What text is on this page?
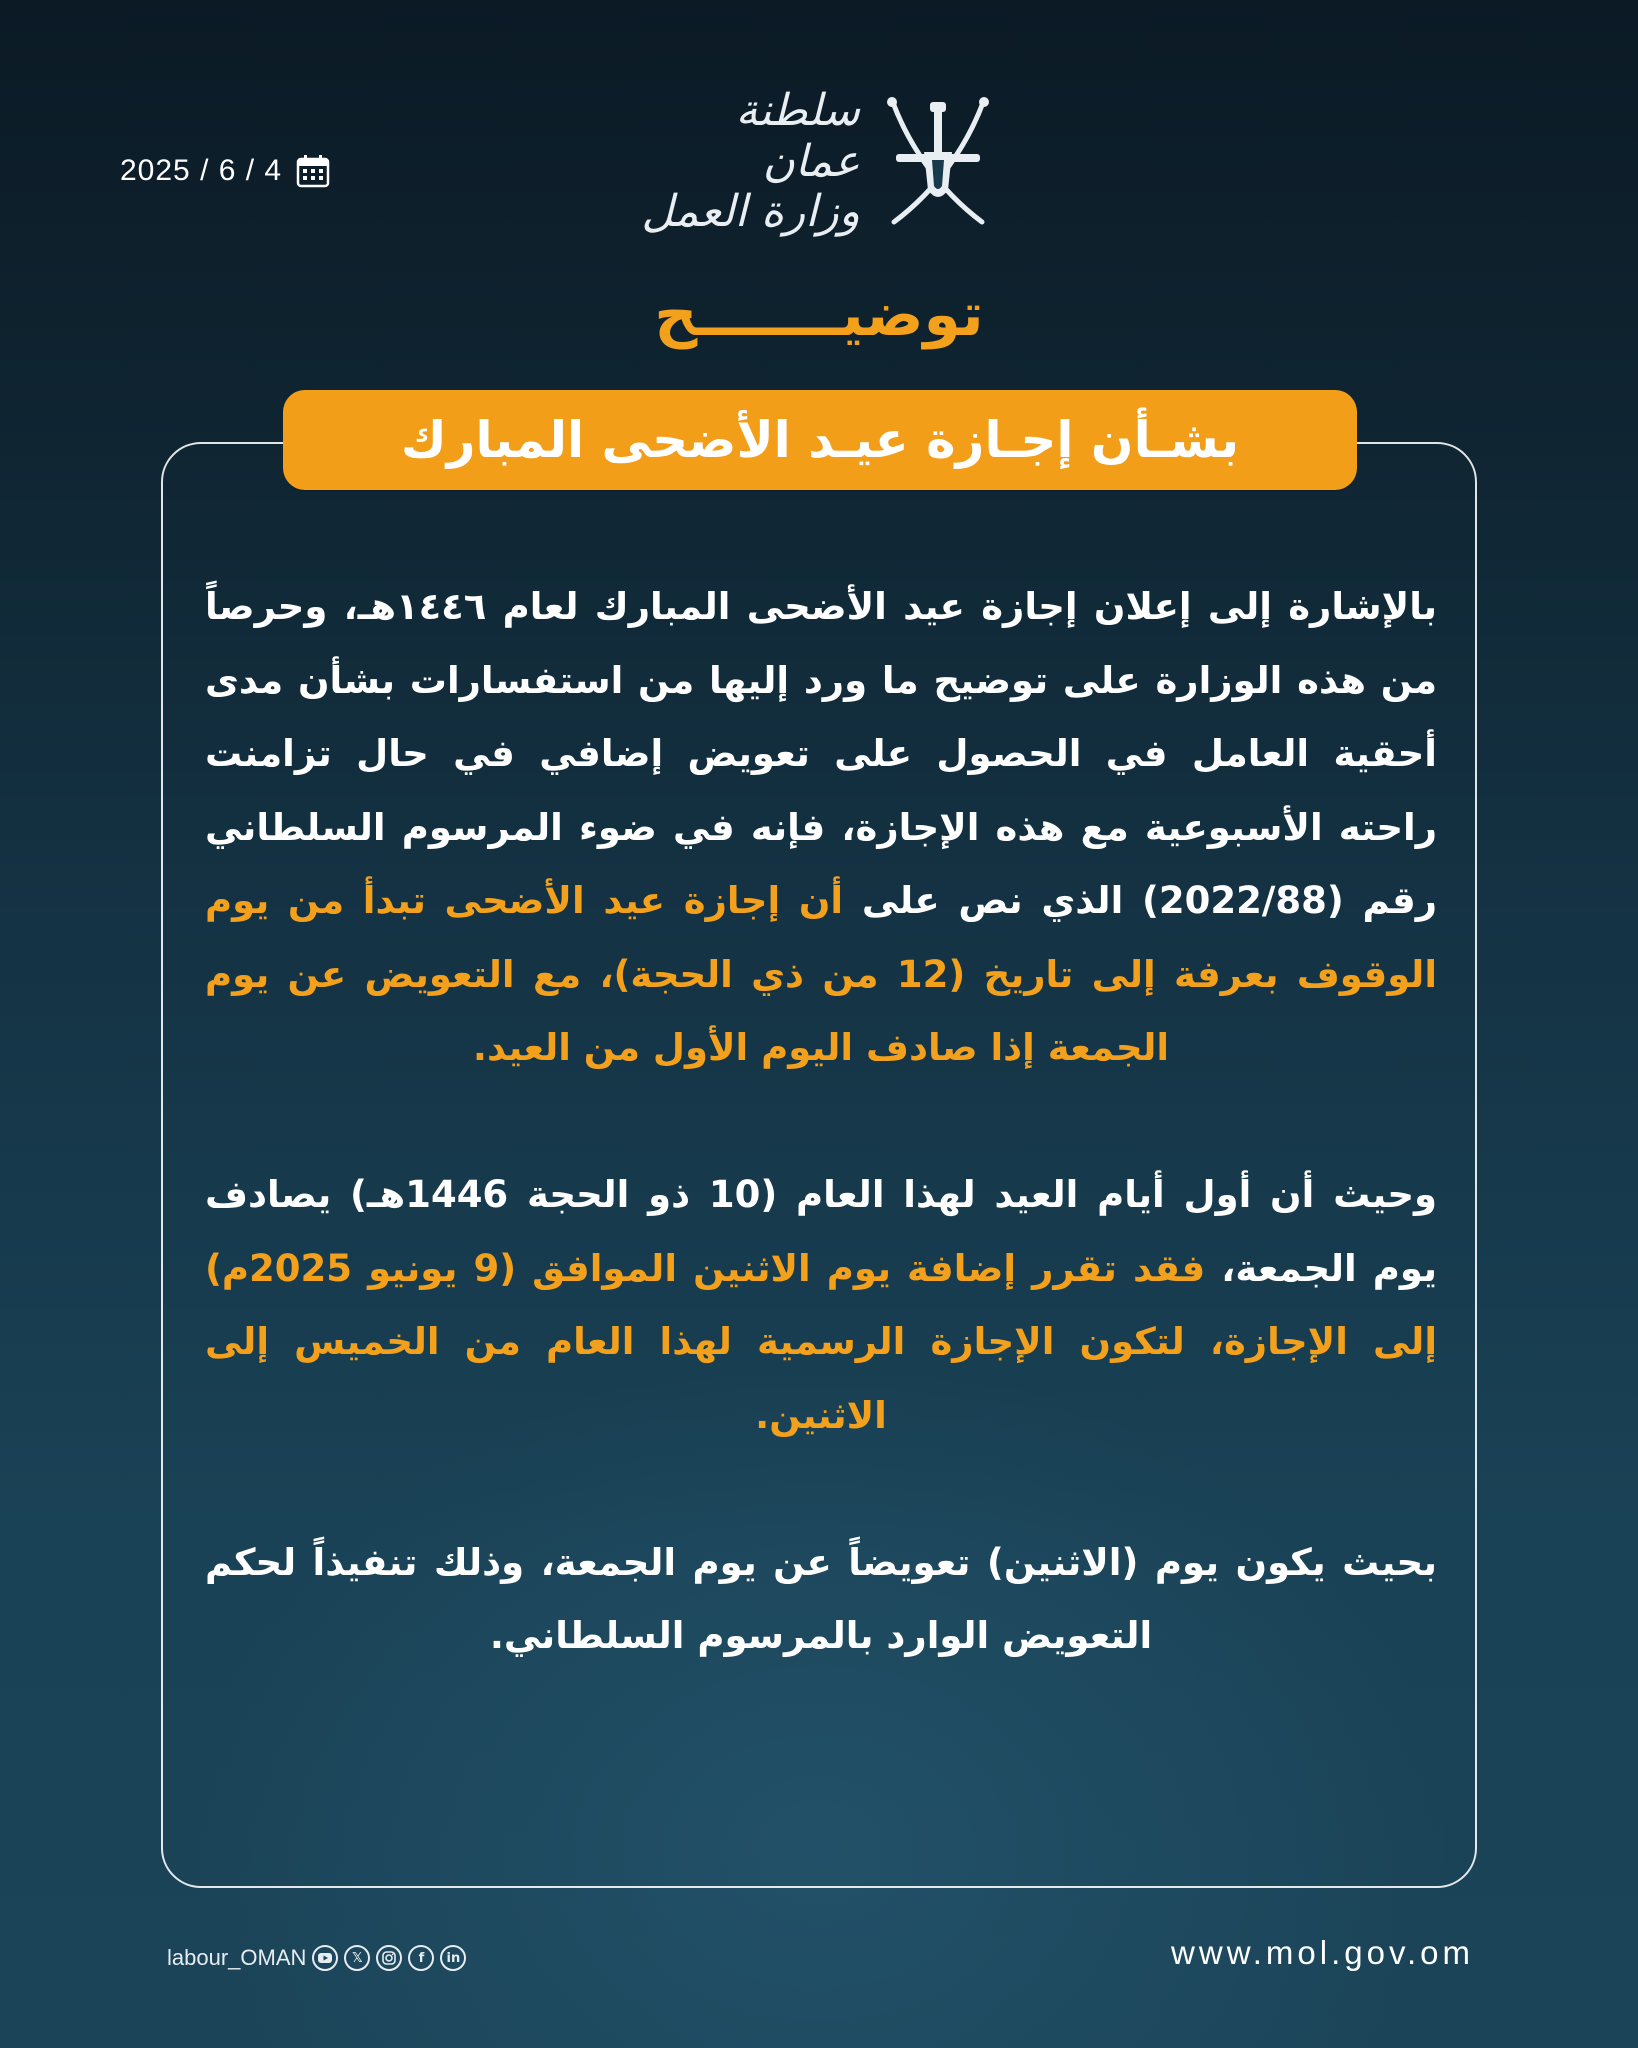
2025 / 6 / 4
سلطنة عمان
وزارة العمل
توضيـــــــح
بشـأن إجـازة عيـد الأضحى المبارك

بالإشارة إلى إعلان إجازة عيد الأضحى المبارك لعام ١٤٤٦هـ، وحرصاً من هذه الوزارة على توضيح ما ورد إليها من استفسارات بشأن مدى أحقية العامل في الحصول على تعويض إضافي في حال تزامنت راحته الأسبوعية مع هذه الإجازة، فإنه في ضوء المرسوم السلطاني رقم (2022/88) الذي نص على أن إجازة عيد الأضحى تبدأ من يوم الوقوف بعرفة إلى تاريخ (12 من ذي الحجة)، مع التعويض عن يوم الجمعة إذا صادف اليوم الأول من العيد.

وحيث أن أول أيام العيد لهذا العام (10 ذو الحجة 1446هـ) يصادف يوم الجمعة، فقد تقرر إضافة يوم الاثنين الموافق (9 يونيو 2025م) إلى الإجازة، لتكون الإجازة الرسمية لهذا العام من الخميس إلى الاثنين.

بحيث يكون يوم (الاثنين) تعويضاً عن يوم الجمعة، وذلك تنفيذاً لحكم التعويض الوارد بالمرسوم السلطاني.

labour_OMAN	𝕏	f	in	www.mol.gov.om
